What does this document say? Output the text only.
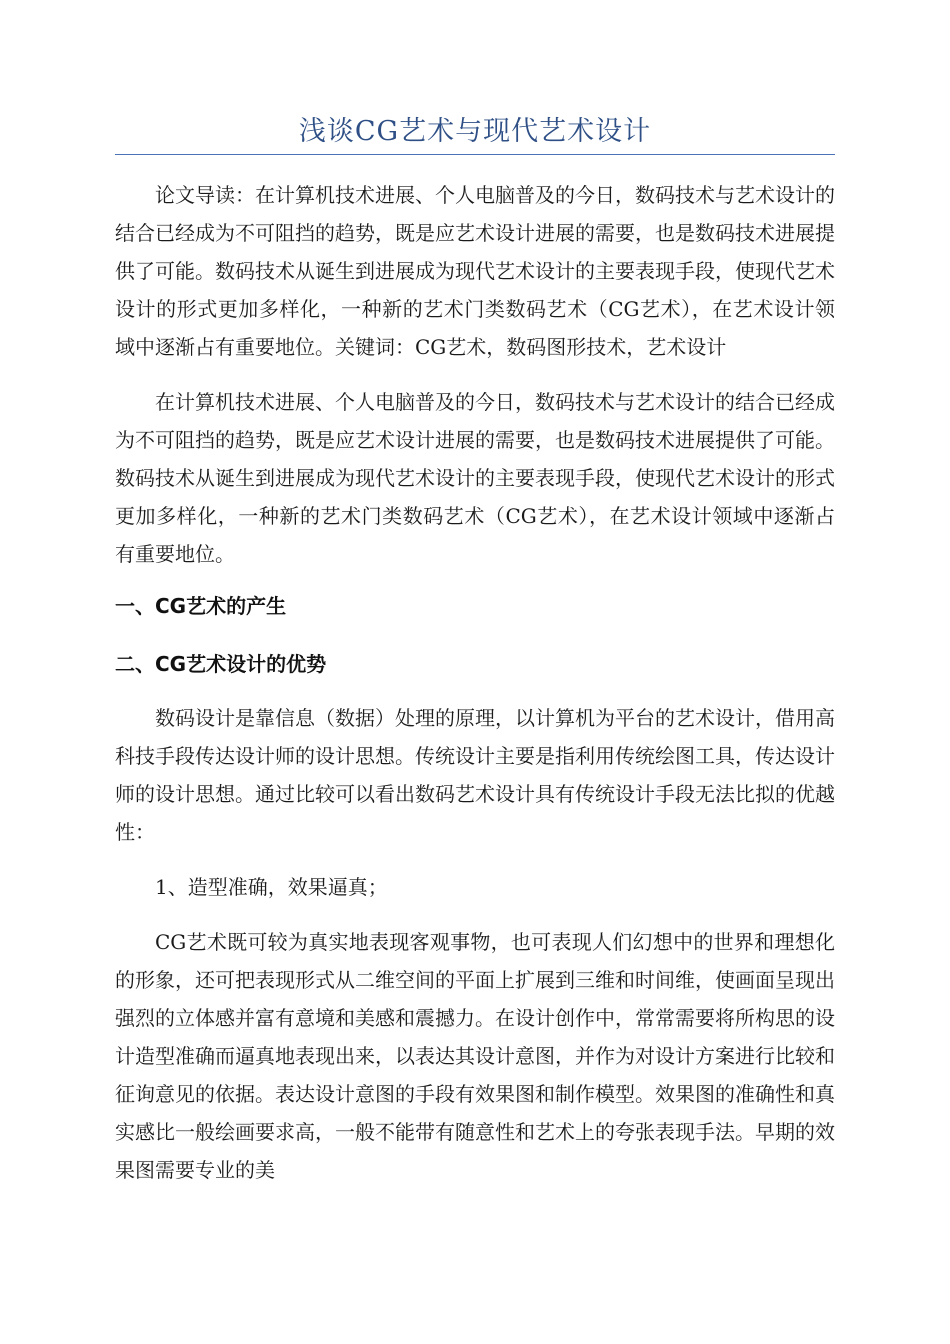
浅谈CG艺术与现代艺术设计

论文导读：在计算机技术进展、个人电脑普及的今日，数码技术与艺术设计的结合已经成为不可阻挡的趋势，既是应艺术设计进展的需要，也是数码技术进展提供了可能。数码技术从诞生到进展成为现代艺术设计的主要表现手段，使现代艺术设计的形式更加多样化，一种新的艺术门类数码艺术（CG艺术），在艺术设计领域中逐渐占有重要地位。关键词：CG艺术，数码图形技术，艺术设计

在计算机技术进展、个人电脑普及的今日，数码技术与艺术设计的结合已经成为不可阻挡的趋势，既是应艺术设计进展的需要，也是数码技术进展提供了可能。数码技术从诞生到进展成为现代艺术设计的主要表现手段，使现代艺术设计的形式更加多样化，一种新的艺术门类数码艺术（CG艺术），在艺术设计领域中逐渐占有重要地位。

一、CG艺术的产生

二、CG艺术设计的优势

数码设计是靠信息（数据）处理的原理，以计算机为平台的艺术设计，借用高科技手段传达设计师的设计思想。传统设计主要是指利用传统绘图工具，传达设计师的设计思想。通过比较可以看出数码艺术设计具有传统设计手段无法比拟的优越性：

1、造型准确，效果逼真；

CG艺术既可较为真实地表现客观事物，也可表现人们幻想中的世界和理想化的形象，还可把表现形式从二维空间的平面上扩展到三维和时间维，使画面呈现出强烈的立体感并富有意境和美感和震撼力。在设计创作中，常常需要将所构思的设计造型准确而逼真地表现出来，以表达其设计意图，并作为对设计方案进行比较和征询意见的依据。表达设计意图的手段有效果图和制作模型。效果图的准确性和真实感比一般绘画要求高，一般不能带有随意性和艺术上的夸张表现手法。早期的效果图需要专业的美
